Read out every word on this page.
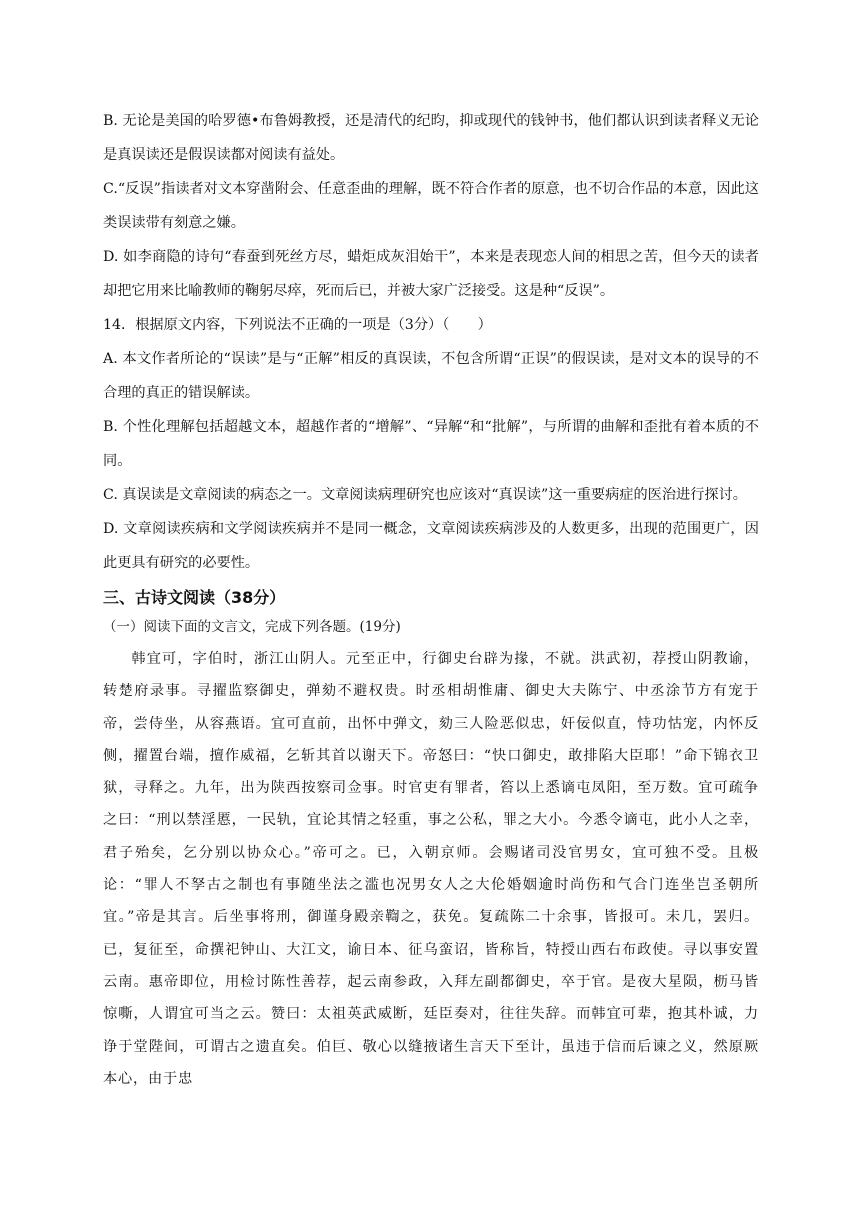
B. 无论是美国的哈罗德•布鲁姆教授，还是清代的纪昀，抑或现代的钱钟书，他们都认识到读者释义无论是真误读还是假误读都对阅读有益处。

C.“反误”指读者对文本穿凿附会、任意歪曲的理解，既不符合作者的原意，也不切合作品的本意，因此这类误读带有刻意之嫌。

D. 如李商隐的诗句“春蚕到死丝方尽，蜡炬成灰泪始干”，本来是表现恋人间的相思之苦，但今天的读者却把它用来比喻教师的鞠躬尽瘁，死而后已，并被大家广泛接受。这是种“反误”。

14．根据原文内容，下列说法不正确的一项是（3分）（　　）

A. 本文作者所论的“误读”是与“正解”相反的真误读，不包含所谓“正误”的假误读，是对文本的误导的不合理的真正的错误解读。

B. 个性化理解包括超越文本，超越作者的“增解”、“异解“和“批解”，与所谓的曲解和歪批有着本质的不同。

C. 真误读是文章阅读的病态之一。文章阅读病理研究也应该对“真误读”这一重要病症的医治进行探讨。

D. 文章阅读疾病和文学阅读疾病并不是同一概念，文章阅读疾病涉及的人数更多，出现的范围更广，因此更具有研究的必要性。

三、古诗文阅读（38分）
（一）阅读下面的文言文，完成下列各题。(19分)

韩宜可，字伯时，浙江山阴人。元至正中，行御史台辟为掾，不就。洪武初，荐授山阴教谕，转楚府录事。寻擢监察御史，弹劾不避权贵。时丞相胡惟庸、御史大夫陈宁、中丞涂节方有宠于帝，尝侍坐，从容燕语。宜可直前，出怀中弹文，劾三人险恶似忠，奸佞似直，恃功怙宠，内怀反侧，擢置台端，擅作威福，乞斩其首以谢天下。帝怒曰：“快口御史，敢排陷大臣耶！”命下锦衣卫狱，寻释之。九年，出为陕西按察司佥事。时官吏有罪者，笞以上悉谪屯凤阳，至万数。宜可疏争之曰：“刑以禁淫慝，一民轨，宜论其情之轻重，事之公私，罪之大小。今悉令谪屯，此小人之幸，君子殆矣，乞分别以协众心。”帝可之。已，入朝京师。会赐诸司没官男女，宜可独不受。且极论：“罪人不孥古之制也有事随坐法之滥也况男女人之大伦婚姻逾时尚伤和气合门连坐岂圣朝所宜。”帝是其言。后坐事将刑，御谨身殿亲鞫之，获免。复疏陈二十余事，皆报可。未几，罢归。已，复征至，命撰祀钟山、大江文，谕日本、征乌蛮诏，皆称旨，特授山西右布政使。寻以事安置云南。惠帝即位，用检讨陈性善荐，起云南参政，入拜左副都御史，卒于官。是夜大星陨，枥马皆惊嘶，人谓宜可当之云。赞曰：太祖英武威断，廷臣奏对，往往失辞。而韩宜可辈，抱其朴诚，力诤于堂陛间，可谓古之遗直矣。伯巨、敬心以缝掖诸生言天下至计，虽违于信而后谏之义，然原厥本心，由于忠
